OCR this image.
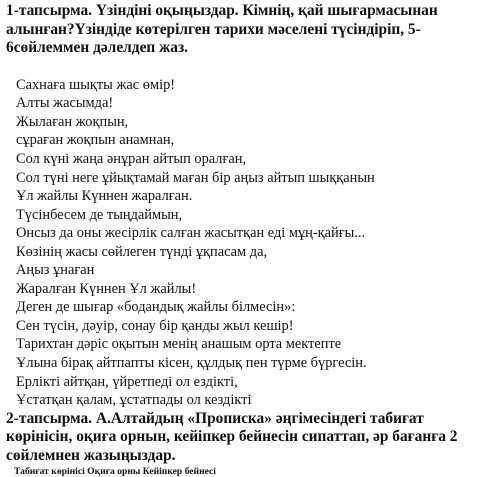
1-тапсырма. Үзіндіні оқыңыздар. Кімнің, қай шығармасынан
алынған?Үзіндіде көтерілген тарихи мәселені түсіндіріп, 5-
6сөйлеммен дәлелдеп жаз.

Сахнаға шықты жас өмір!
Алты жасымда!
Жылаған жоқпын,
сұраған жоқпын анамнан,
Сол күні жаңа әнұран айтып оралған,
Сол түні неге ұйықтамай маған бір аңыз айтып шыққанын
Ұл жайлы Күннен жаралған.
Түсінбесем де тыңдаймын,
Онсыз да оны жесірлік салған жасытқан еді мұң-қайғы...
Көзінің жасы сөйлеген түнді ұқпасам да,
Аңыз ұнаған
Жаралған Күннен Ұл жайлы!
Деген де шығар «бодандық жайлы білмесін»:
Сен түсін, дәуір, сонау бір қанды жыл кешір!
Тарихтан дәріс оқытын менің анашым орта мектепте
Ұлына бірақ айтпапты кісен, құлдық пен түрме бүргесін.
Ерлікті айтқан, үйретпеді ол ездікті,
Ұстатқан қалам, ұстатпады ол кездікті

2-тапсырма. А.Алтайдың «Прописка» әңгімесіндегі табиғат
көрінісін, оқиға орнын, кейіпкер бейнесін сипаттап, әр бағанға 2
сөйлемнен жазыңыздар.

Табиғат көрінісі Оқиға орны Кейіпкер бейнесі
